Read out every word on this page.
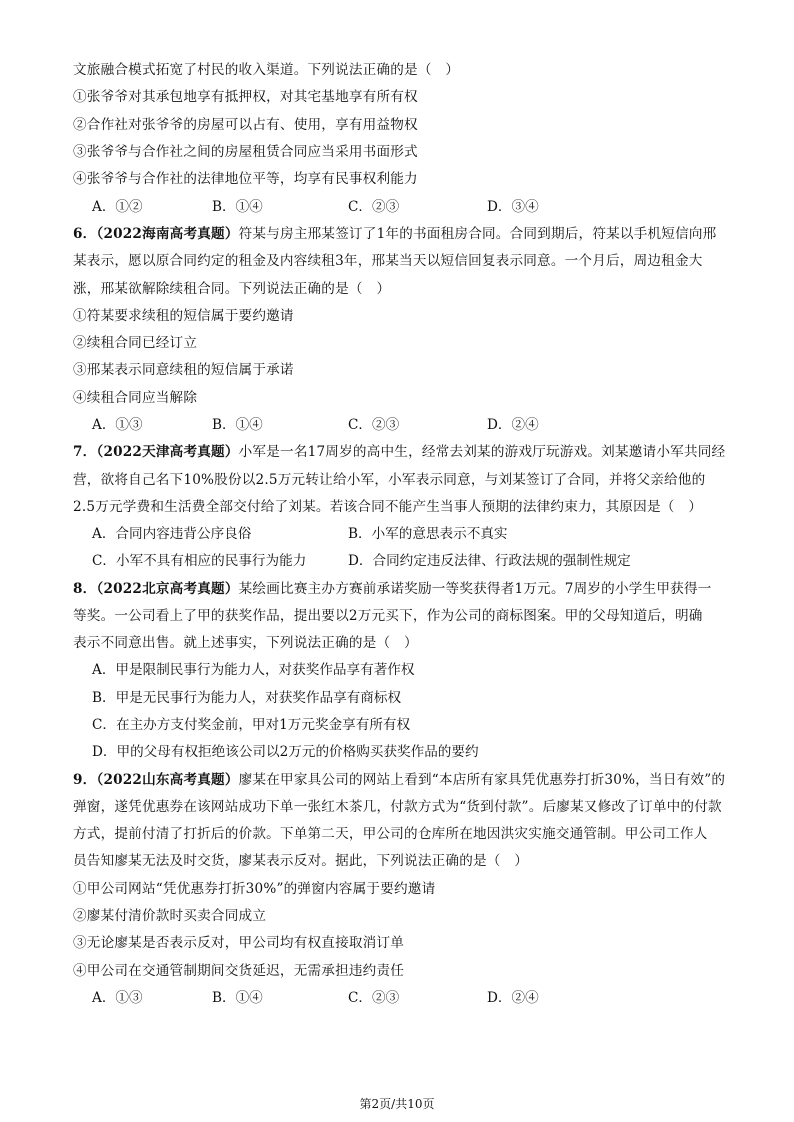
文旅融合模式拓宽了村民的收入渠道。下列说法正确的是（　）
①张爷爷对其承包地享有抵押权，对其宅基地享有所有权
②合作社对张爷爷的房屋可以占有、使用，享有用益物权
③张爷爷与合作社之间的房屋租赁合同应当采用书面形式
④张爷爷与合作社的法律地位平等，均享有民事权利能力
A．①②	B．①④	C．②③	D．③④
6．（2022海南高考真题）符某与房主邢某签订了1年的书面租房合同。合同到期后，符某以手机短信向邢
某表示，愿以原合同约定的租金及内容续租3年，邢某当天以短信回复表示同意。一个月后，周边租金大
涨，邢某欲解除续租合同。下列说法正确的是（　）
①符某要求续租的短信属于要约邀请
②续租合同已经订立
③邢某表示同意续租的短信属于承诺
④续租合同应当解除
A．①③	B．①④	C．②③	D．②④
7．（2022天津高考真题）小军是一名17周岁的高中生，经常去刘某的游戏厅玩游戏。刘某邀请小军共同经
营，欲将自己名下10%股份以2.5万元转让给小军，小军表示同意，与刘某签订了合同，并将父亲给他的
2.5万元学费和生活费全部交付给了刘某。若该合同不能产生当事人预期的法律约束力，其原因是（　）
A．合同内容违背公序良俗	B．小军的意思表示不真实
C．小军不具有相应的民事行为能力	D．合同约定违反法律、行政法规的强制性规定
8．（2022北京高考真题）某绘画比赛主办方赛前承诺奖励一等奖获得者1万元。7周岁的小学生甲获得一
等奖。一公司看上了甲的获奖作品，提出要以2万元买下，作为公司的商标图案。甲的父母知道后，明确
表示不同意出售。就上述事实，下列说法正确的是（　）
A．甲是限制民事行为能力人，对获奖作品享有著作权
B．甲是无民事行为能力人，对获奖作品享有商标权
C．在主办方支付奖金前，甲对1万元奖金享有所有权
D．甲的父母有权拒绝该公司以2万元的价格购买获奖作品的要约
9．（2022山东高考真题）廖某在甲家具公司的网站上看到“本店所有家具凭优惠券打折30%，当日有效”的
弹窗，遂凭优惠券在该网站成功下单一张红木茶几，付款方式为“货到付款”。后廖某又修改了订单中的付款
方式，提前付清了打折后的价款。下单第二天，甲公司的仓库所在地因洪灾实施交通管制。甲公司工作人
员告知廖某无法及时交货，廖某表示反对。据此，下列说法正确的是（　）
①甲公司网站“凭优惠券打折30%”的弹窗内容属于要约邀请
②廖某付清价款时买卖合同成立
③无论廖某是否表示反对，甲公司均有权直接取消订单
④甲公司在交通管制期间交货延迟，无需承担违约责任
A．①③	B．①④	C．②③	D．②④
第2页/共10页
